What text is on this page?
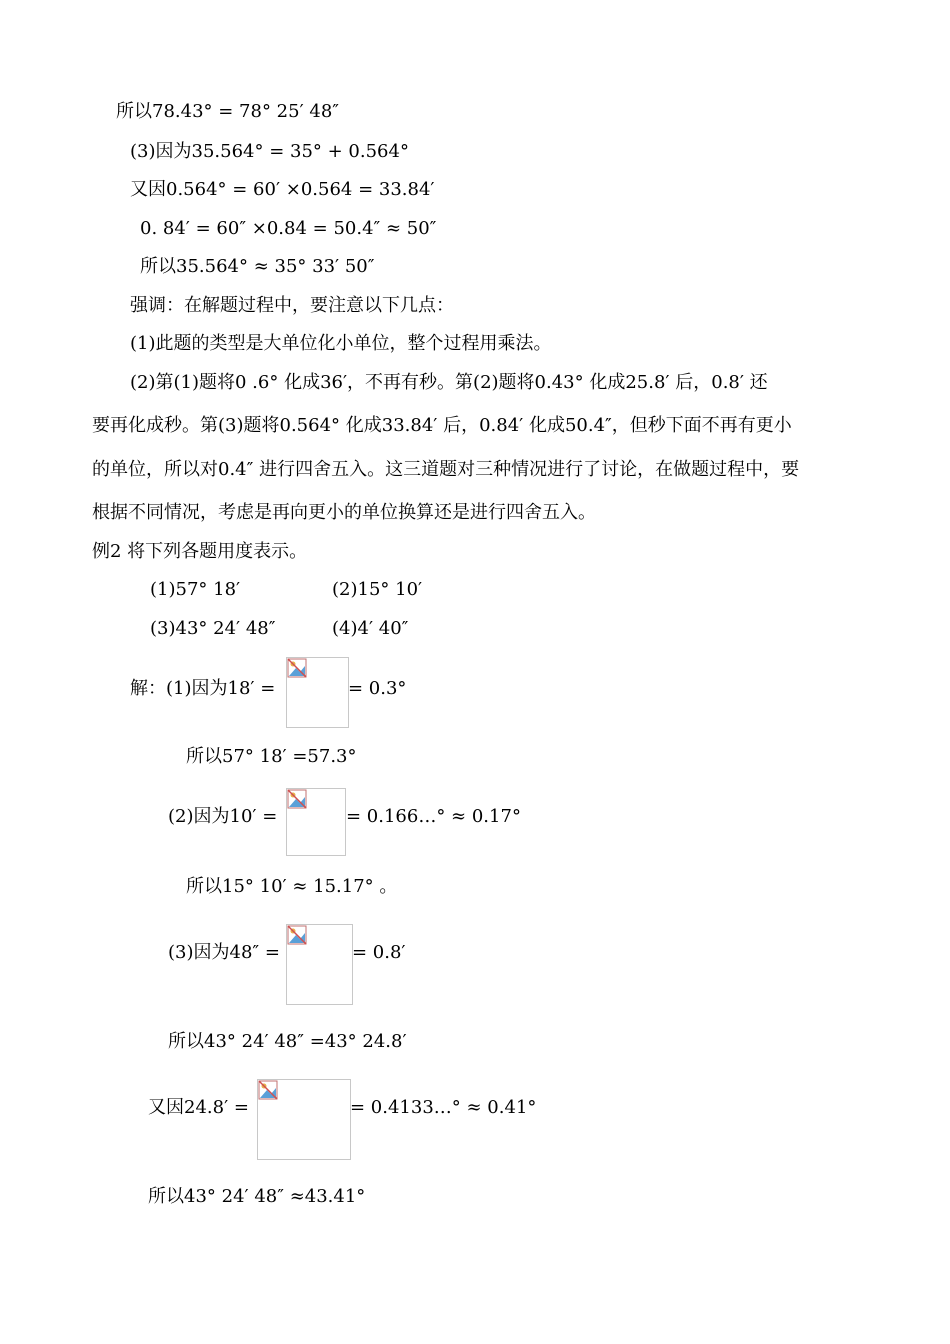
所以78.43° = 78° 25′ 48″
(3)因为35.564° = 35° + 0.564°
又因0.564° = 60′ ×0.564 = 33.84′
0. 84′ = 60″ ×0.84 = 50.4″ ≈ 50″
所以35.564° ≈ 35° 33′ 50″
强调：在解题过程中，要注意以下几点：
(1)此题的类型是大单位化小单位，整个过程用乘法。
(2)第(1)题将0 .6° 化成36′，不再有秒。第(2)题将0.43° 化成25.8′ 后，0.8′ 还
要再化成秒。第(3)题将0.564° 化成33.84′ 后，0.84′ 化成50.4″，但秒下面不再有更小
的单位，所以对0.4″ 进行四舍五入。这三道题对三种情况进行了讨论，在做题过程中，要
根据不同情况，考虑是再向更小的单位换算还是进行四舍五入。
例2 将下列各题用度表示。
(1)57° 18′	(2)15° 10′
(3)43° 24′ 48″	(4)4′ 40″
解：(1)因为18′ =	= 0.3°
所以57° 18′ =57.3°
(2)因为10′ =	= 0.166…° ≈ 0.17°
所以15° 10′ ≈ 15.17° 。
(3)因为48″ =	= 0.8′
所以43° 24′ 48″ =43° 24.8′
又因24.8′ =	= 0.4133…° ≈ 0.41°
所以43° 24′ 48″ ≈43.41°
